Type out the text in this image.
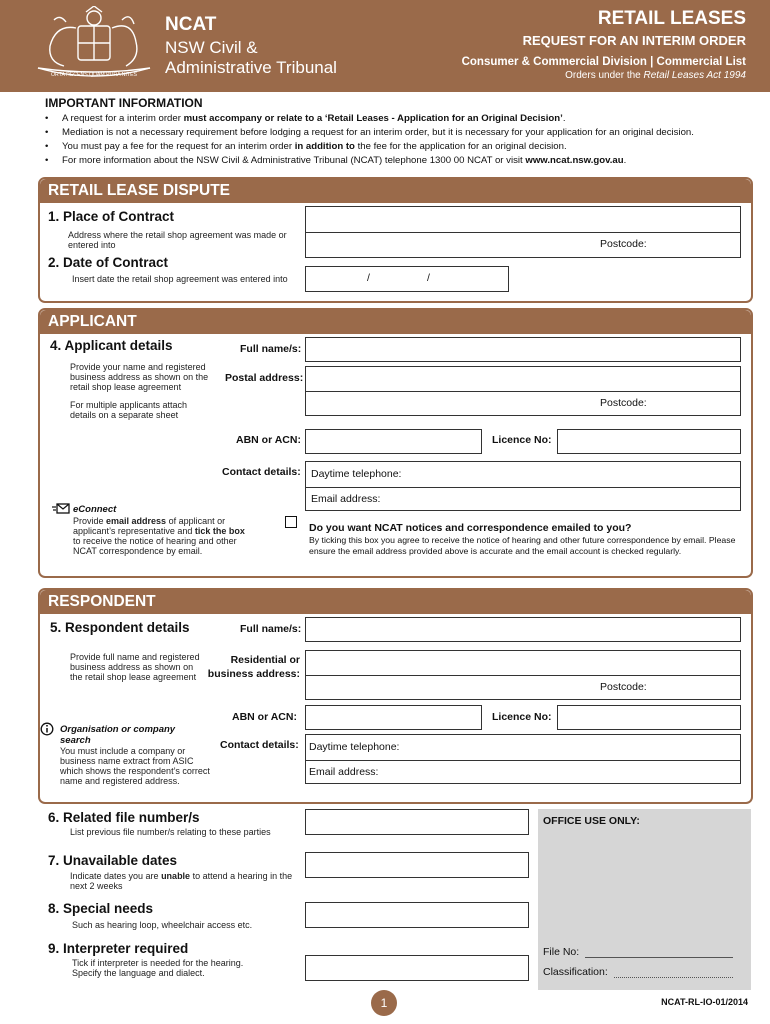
ORTA RECENS QUAM PURA NITES
NCAT
NSW Civil &
Administrative Tribunal
RETAIL LEASES
REQUEST FOR AN INTERIM ORDER
Consumer & Commercial Division | Commercial List
Orders under the Retail Leases Act 1994
IMPORTANT INFORMATION
• A request for a interim order must accompany or relate to a ‘Retail Leases - Application for an Original Decision’.
• Mediation is not a necessary requirement before lodging a request for an interim order, but it is necessary for your application for an original decision.
• You must pay a fee for the request for an interim order in addition to the fee for the application for an original decision.
• For more information about the NSW Civil & Administrative Tribunal (NCAT) telephone 1300 00 NCAT or visit www.ncat.nsw.gov.au.
RETAIL LEASE DISPUTE
1. Place of Contract
Address where the retail shop agreement was made or entered into	Postcode:
2. Date of Contract
Insert date the retail shop agreement was entered into	/	/
APPLICANT
4. Applicant details
Provide your name and registered business address as shown on the retail shop lease agreement
For multiple applicants attach details on a separate sheet
Full name/s:
Postal address:
Postcode:
ABN or ACN:	Licence No:
Contact details: Daytime telephone:
Email address:
eConnect
Provide email address of applicant or applicant’s representative and tick the box to receive the notice of hearing and other NCAT correspondence by email.
Do you want NCAT notices and correspondence emailed to you?
By ticking this box you agree to receive the notice of hearing and other future correspondence by email. Please ensure the email address provided above is accurate and the email account is checked regularly.
RESPONDENT
5. Respondent details
Provide full name and registered business address as shown on the retail shop lease agreement
Full name/s:
Residential or
business address:
Postcode:
ABN or ACN:	Licence No:
Contact details: Daytime telephone:
Email address:
Organisation or company search
You must include a company or business name extract from ASIC which shows the respondent’s correct name and registered address.
6. Related file number/s
List previous file number/s relating to these parties
7. Unavailable dates
Indicate dates you are unable to attend a hearing in the next 2 weeks
8. Special needs
Such as hearing loop, wheelchair access etc.
9. Interpreter required
Tick if interpreter is needed for the hearing. Specify the language and dialect.
OFFICE USE ONLY:
File No:
Classification:
1	NCAT-RL-IO-01/2014
